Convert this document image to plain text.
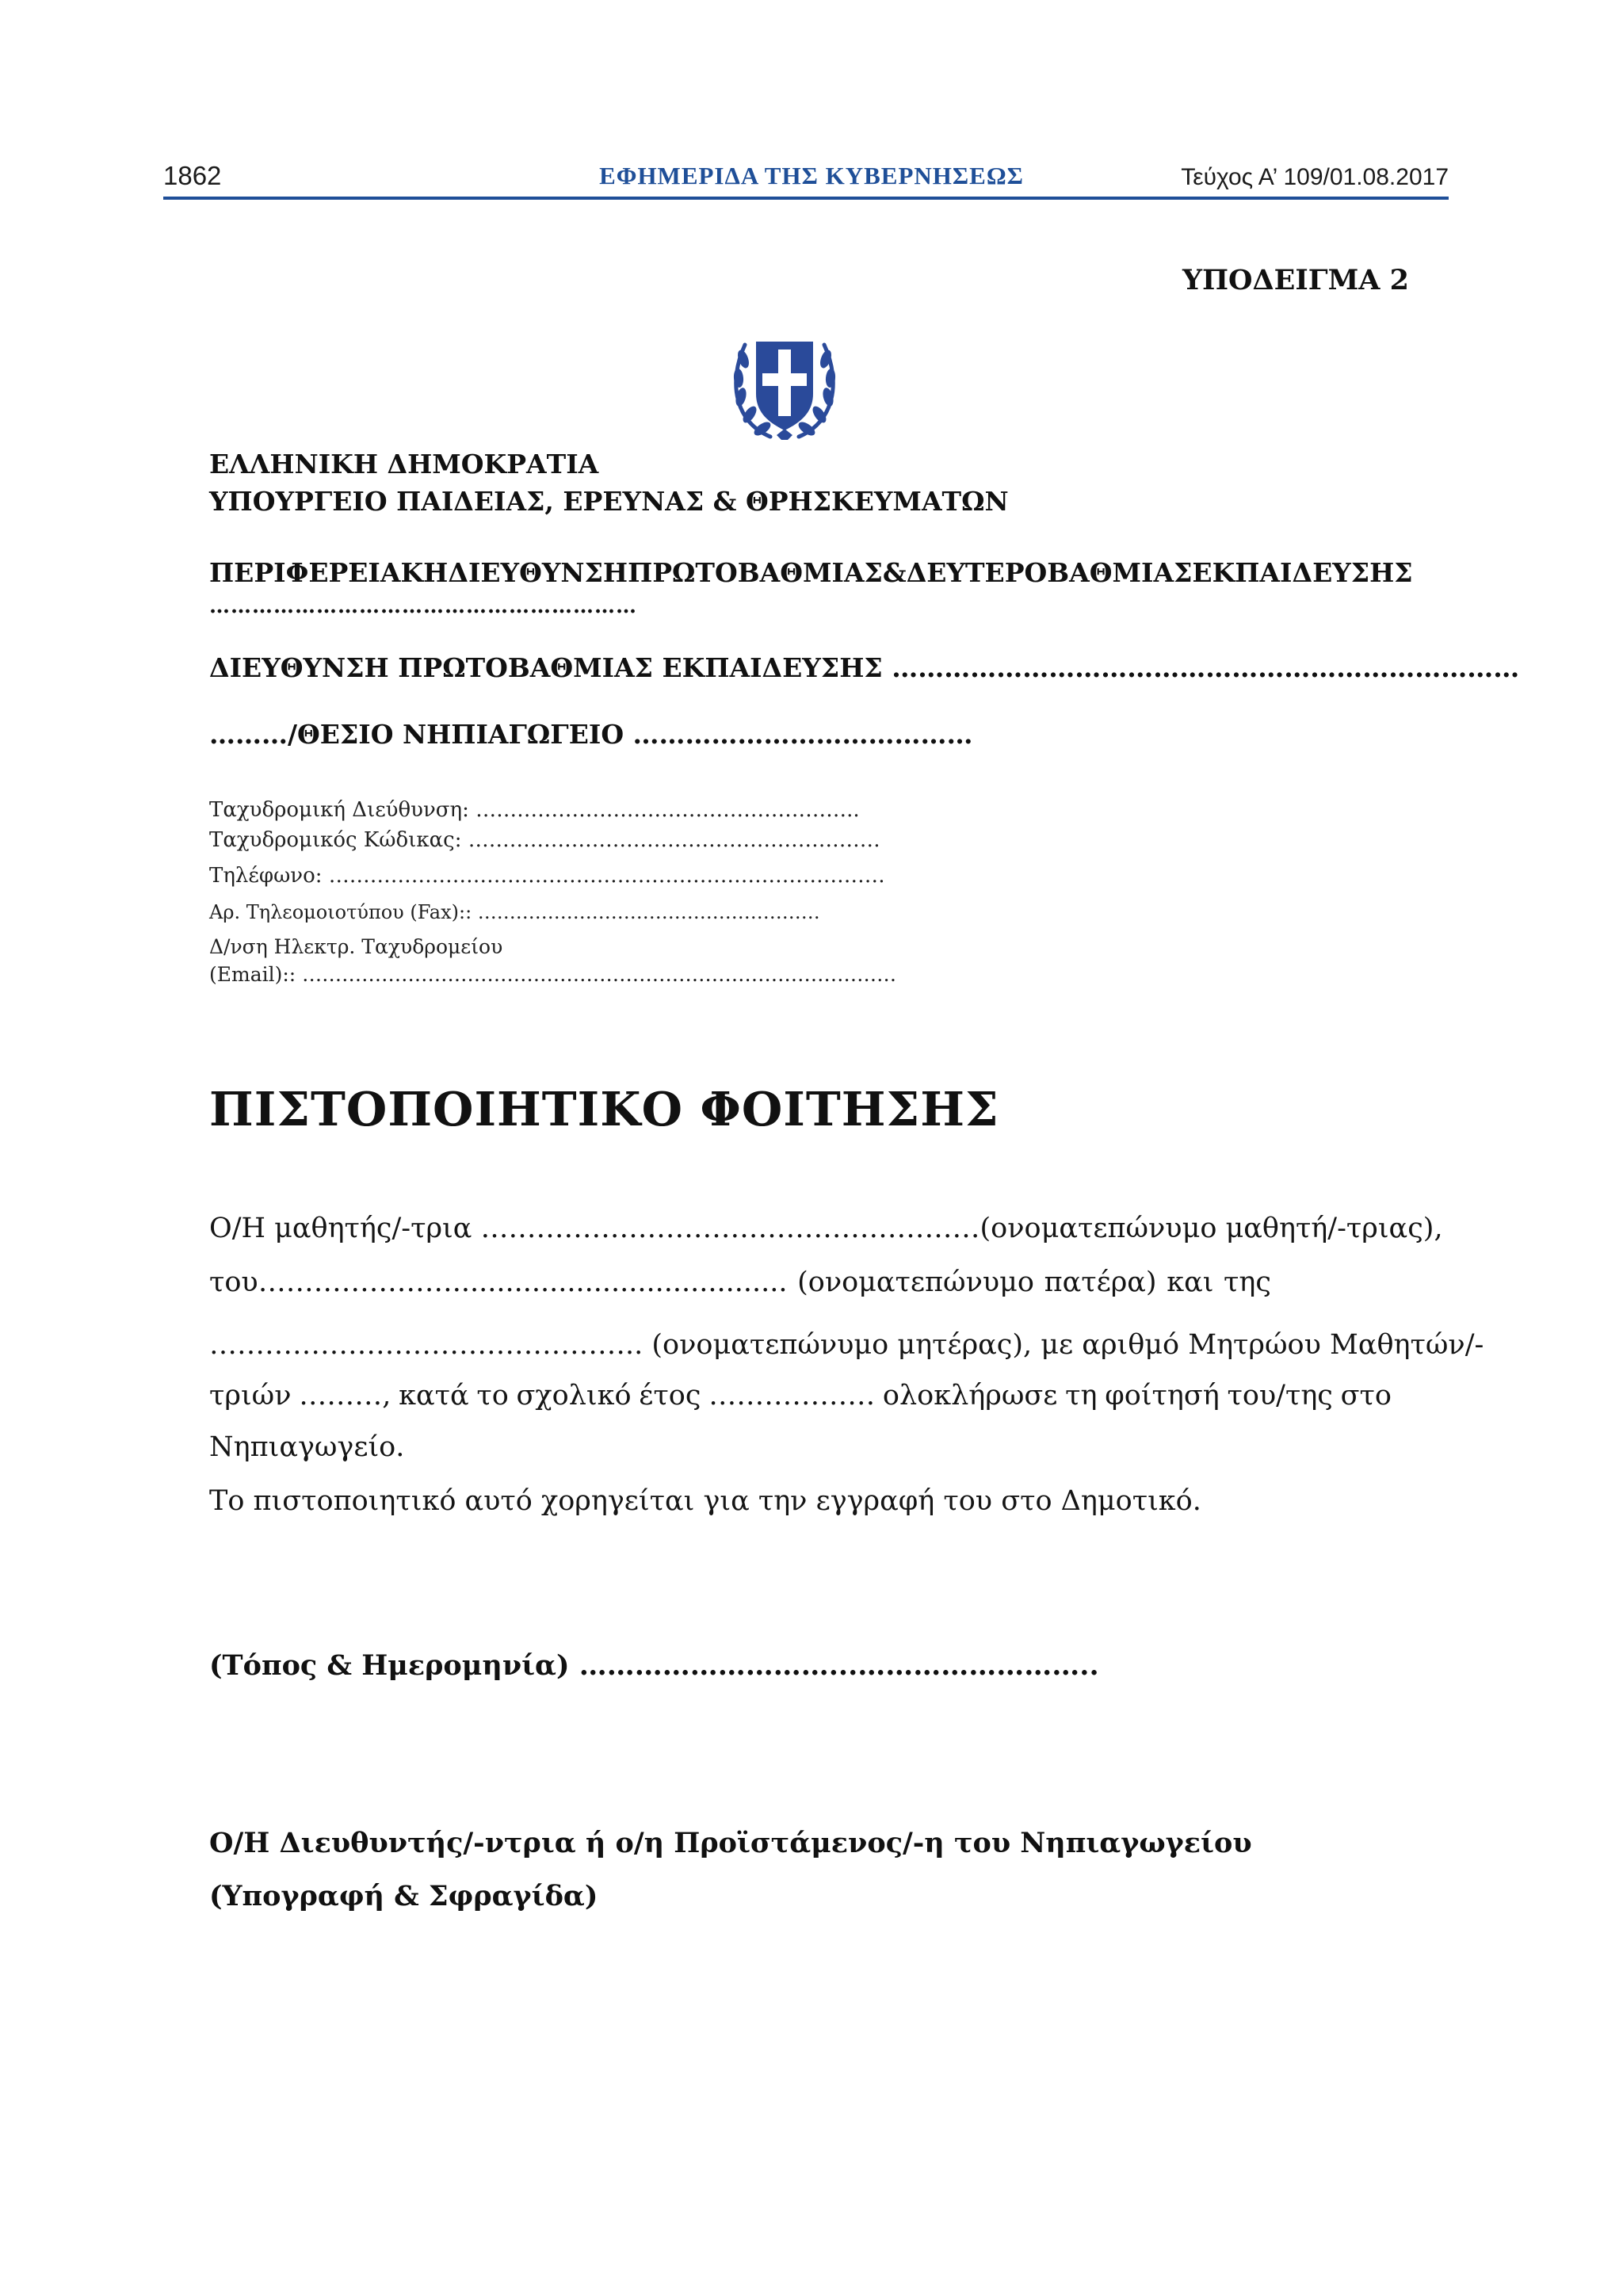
1862	ΕΦΗΜΕΡΙΔΑ ΤΗΣ ΚΥΒΕΡΝΗΣΕΩΣ	Τεύχος Α’ 109/01.08.2017
ΥΠΟΔΕΙΓΜΑ 2
ΕΛΛΗΝΙΚΗ ΔΗΜΟΚΡΑΤΙΑ
ΥΠΟΥΡΓΕΙΟ ΠΑΙΔΕΙΑΣ, ΕΡΕΥΝΑΣ & ΘΡΗΣΚΕΥΜΑΤΩΝ
ΠΕΡΙΦΕΡΕΙΑΚΗ ΔΙΕΥΘΥΝΣΗ ΠΡΩΤΟΒΑΘΜΙΑΣ & ΔΕΥΤΕΡΟΒΑΘΜΙΑΣ ΕΚΠΑΙΔΕΥΣΗΣ
……………………………………………………
ΔΙΕΥΘΥΝΣΗ ΠΡΩΤΟΒΑΘΜΙΑΣ ΕΚΠΑΙΔΕΥΣΗΣ ………………………………………………………………
………/ΘΕΣΙΟ ΝΗΠΙΑΓΩΓΕΙΟ …………………………………
Ταχυδρομική Διεύθυνση: ………………………………………………..
Ταχυδρομικός Κώδικας: ……………………………………………………
Τηλέφωνο: ………………………………………………………………………
Αρ. Τηλεομοιοτύπου (Fax):: ………………………………………………
Δ/νση Ηλεκτρ. Ταχυδρομείου
(Email):: ………………………………………………………………………………
ΠΙΣΤΟΠΟΙΗΤΙΚΟ ΦΟΙΤΗΣΗΣ
Ο/Η μαθητής/-τρια ………………………………………………(ονοματεπώνυμο μαθητή/-τριας),
του…………………...................................... (ονοματεπώνυμο πατέρα) και της
……………………………………….. (ονοματεπώνυμο μητέρας), με αριθμό Μητρώου Μαθητών/-
τριών ………, κατά το σχολικό έτος ……………… ολοκλήρωσε τη φοίτησή του/της στο
Νηπιαγωγείο.
Το πιστοποιητικό αυτό χορηγείται για την εγγραφή του στο Δημοτικό.
(Τόπος & Ημερομηνία) ………………………...……………………..
Ο/Η Διευθυντής/-ντρια ή ο/η Προϊστάμενος/-η του Νηπιαγωγείου
(Υπογραφή & Σφραγίδα)
